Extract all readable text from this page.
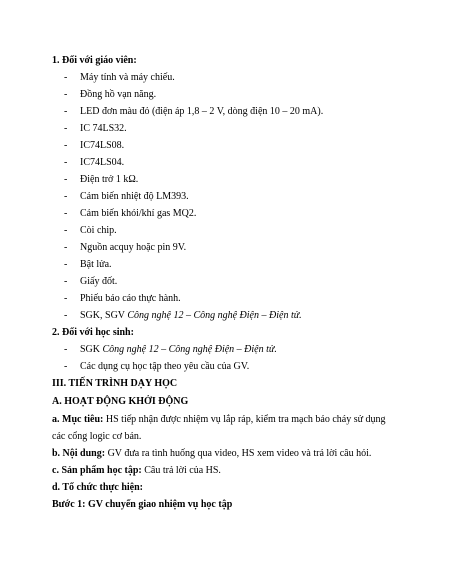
1. Đối với giáo viên:
- Máy tính và máy chiếu.
- Đồng hồ vạn năng.
- LED đơn màu đỏ (điện áp 1,8 – 2 V, dòng điện 10 – 20 mA).
- IC 74LS32.
- IC74LS08.
- IC74LS04.
- Điện trở 1 kΩ.
- Cảm biến nhiệt độ LM393.
- Cảm biến khói/khí gas MQ2.
- Còi chip.
- Nguồn acquy hoặc pin 9V.
- Bật lửa.
- Giấy đốt.
- Phiếu báo cáo thực hành.
- SGK, SGV Công nghệ 12 – Công nghệ Điện – Điện tử.
2. Đối với học sinh:
- SGK Công nghệ 12 – Công nghệ Điện – Điện tử.
- Các dụng cụ học tập theo yêu cầu của GV.
III. TIẾN TRÌNH DẠY HỌC
A. HOẠT ĐỘNG KHỞI ĐỘNG
a. Mục tiêu: HS tiếp nhận được nhiệm vụ lắp ráp, kiểm tra mạch báo cháy sử dụng
các cổng logic cơ bản.
b. Nội dung: GV đưa ra tình huống qua video, HS xem video và trả lời câu hỏi.
c. Sản phẩm học tập: Câu trả lời của HS.
d. Tổ chức thực hiện:
Bước 1: GV chuyển giao nhiệm vụ học tập
